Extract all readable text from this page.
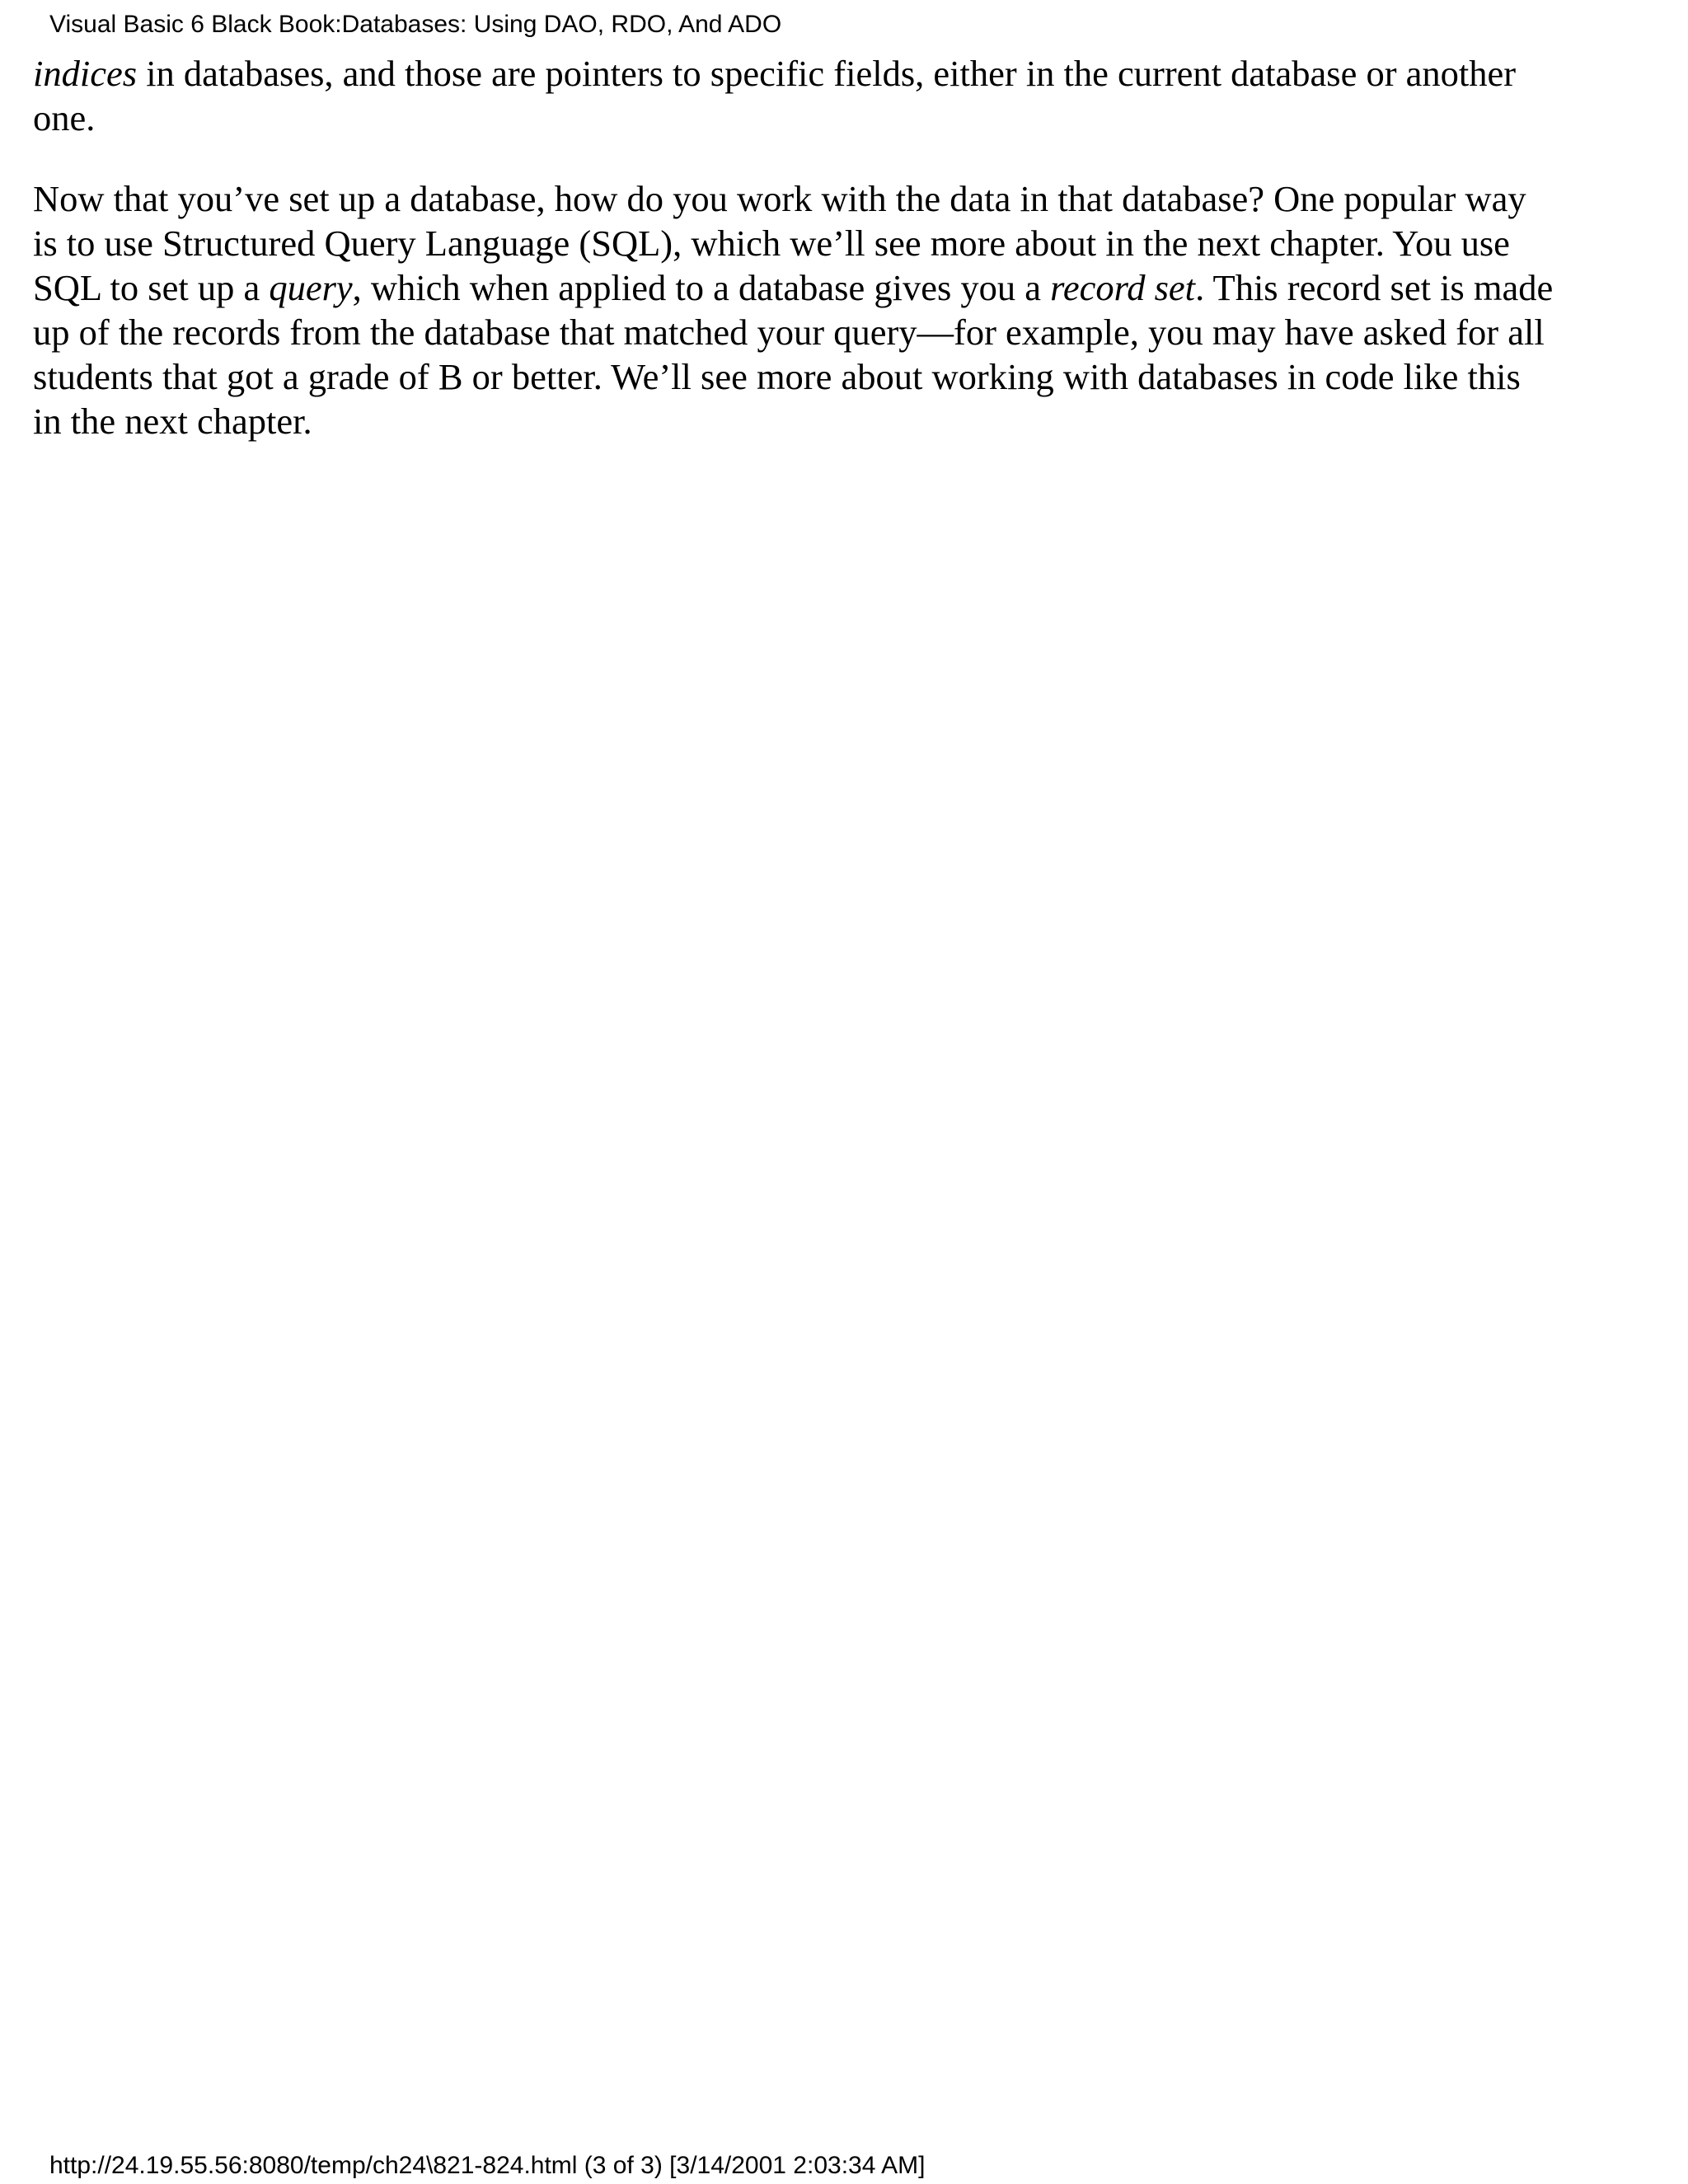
Visual Basic 6 Black Book:Databases: Using DAO, RDO, And ADO

indices in databases, and those are pointers to specific fields, either in the current database or another
one.

Now that you’ve set up a database, how do you work with the data in that database? One popular way
is to use Structured Query Language (SQL), which we’ll see more about in the next chapter. You use
SQL to set up a query, which when applied to a database gives you a record set. This record set is made
up of the records from the database that matched your query—for example, you may have asked for all
students that got a grade of B or better. We’ll see more about working with databases in code like this
in the next chapter.

http://24.19.55.56:8080/temp/ch24\821-824.html (3 of 3) [3/14/2001 2:03:34 AM]
